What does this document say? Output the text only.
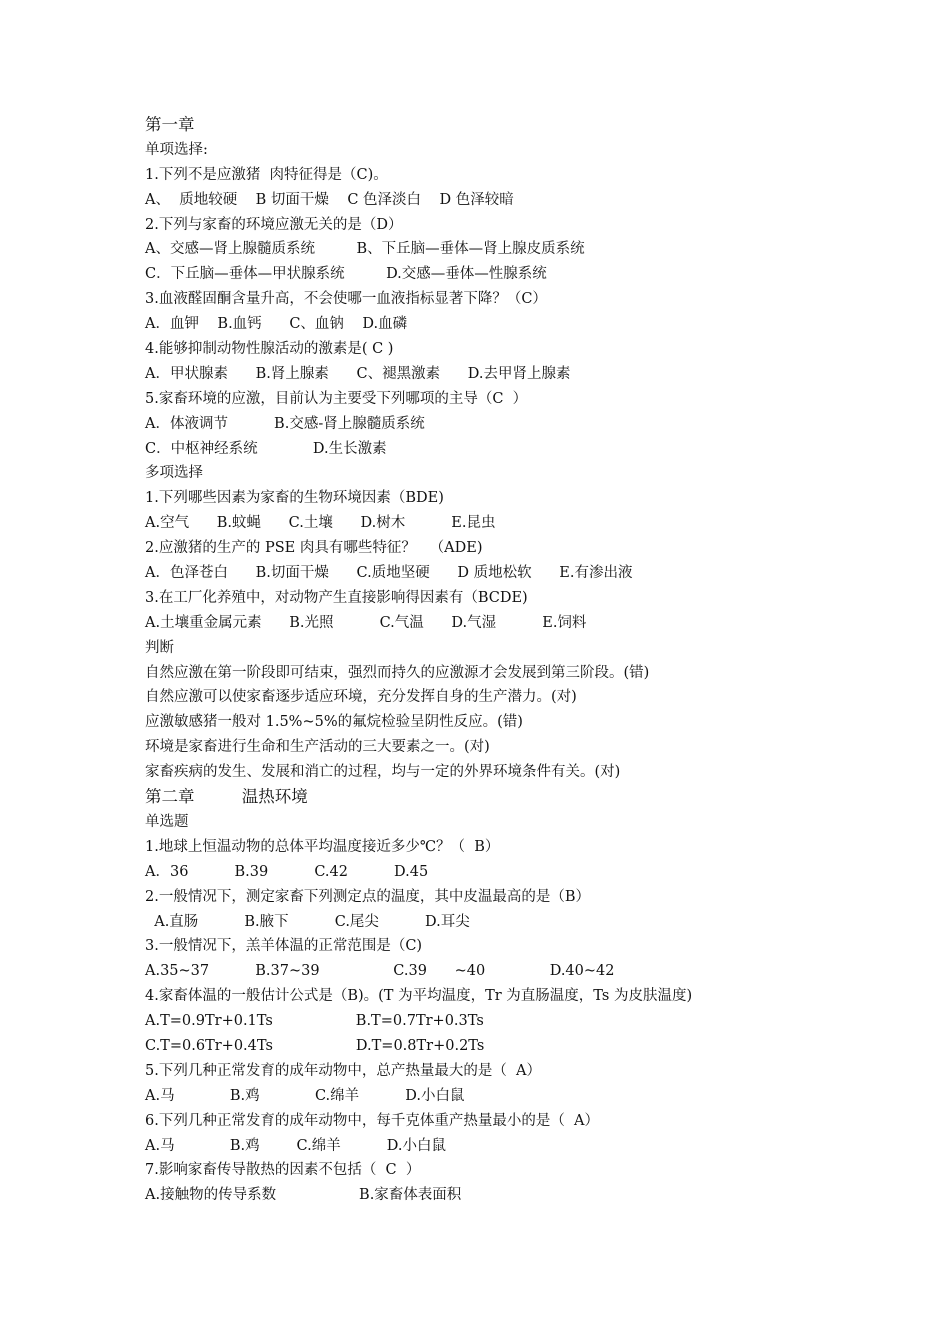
第一章
单项选择:
1.下列不是应激猪  肉特征得是（C)。
A、  质地较硬    B 切面干燥    C 色泽淡白    D 色泽较暗
2.下列与家畜的环境应激无关的是（D）
A、交感—肾上腺髓质系统         B、下丘脑—垂体—肾上腺皮质系统
C．下丘脑—垂体—甲状腺系统         D.交感—垂体—性腺系统
3.血液醛固酮含量升高，不会使哪一血液指标显著下降？（C）
A．血钾    B.血钙      C、血钠    D.血磷
4.能够抑制动物性腺活动的激素是( C )
A．甲状腺素      B.肾上腺素      C、褪黑激素      D.去甲肾上腺素
5.家畜环境的应激，目前认为主要受下列哪项的主导（C  ）
A．体液调节          B.交感-肾上腺髓质系统
C．中枢神经系统            D.生长激素
多项选择
1.下列哪些因素为家畜的生物环境因素（BDE)
A.空气      B.蚊蝇      C.土壤      D.树木          E.昆虫
2.应激猪的生产的 PSE 肉具有哪些特征？   （ADE)
A．色泽苍白      B.切面干燥      C.质地坚硬      D 质地松软      E.有渗出液
3.在工厂化养殖中，对动物产生直接影响得因素有（BCDE)
A.土壤重金属元素      B.光照          C.气温      D.气湿          E.饲料
判断
自然应激在第一阶段即可结束，强烈而持久的应激源才会发展到第三阶段。(错)
自然应激可以使家畜逐步适应环境，充分发挥自身的生产潜力。(对)
应激敏感猪一般对 1.5%~5%的氟烷检验呈阴性反应。(错)
环境是家畜进行生命和生产活动的三大要素之一。(对)
家畜疾病的发生、发展和消亡的过程，均与一定的外界环境条件有关。(对)
第二章         温热环境
单选题
1.地球上恒温动物的总体平均温度接近多少℃？（  B）
A．36          B.39          C.42          D.45
2.一般情况下，测定家畜下列测定点的温度，其中皮温最高的是（B）
A.直肠          B.腋下          C.尾尖          D.耳尖
3.一般情况下，羔羊体温的正常范围是（C)
A.35~37          B.37~39                C.39      ~40              D.40~42
4.家畜体温的一般估计公式是（B)。(T 为平均温度，Tr 为直肠温度，Ts 为皮肤温度)
A.T=0.9Tr+0.1Ts                  B.T=0.7Tr+0.3Ts
C.T=0.6Tr+0.4Ts                  D.T=0.8Tr+0.2Ts
5.下列几种正常发育的成年动物中，总产热量最大的是（  A）
A.马            B.鸡            C.绵羊          D.小白鼠
6.下列几种正常发育的成年动物中，每千克体重产热量最小的是（  A）
A.马            B.鸡        C.绵羊          D.小白鼠
7.影响家畜传导散热的因素不包括（  C  ）
A.接触物的传导系数                  B.家畜体表面积
